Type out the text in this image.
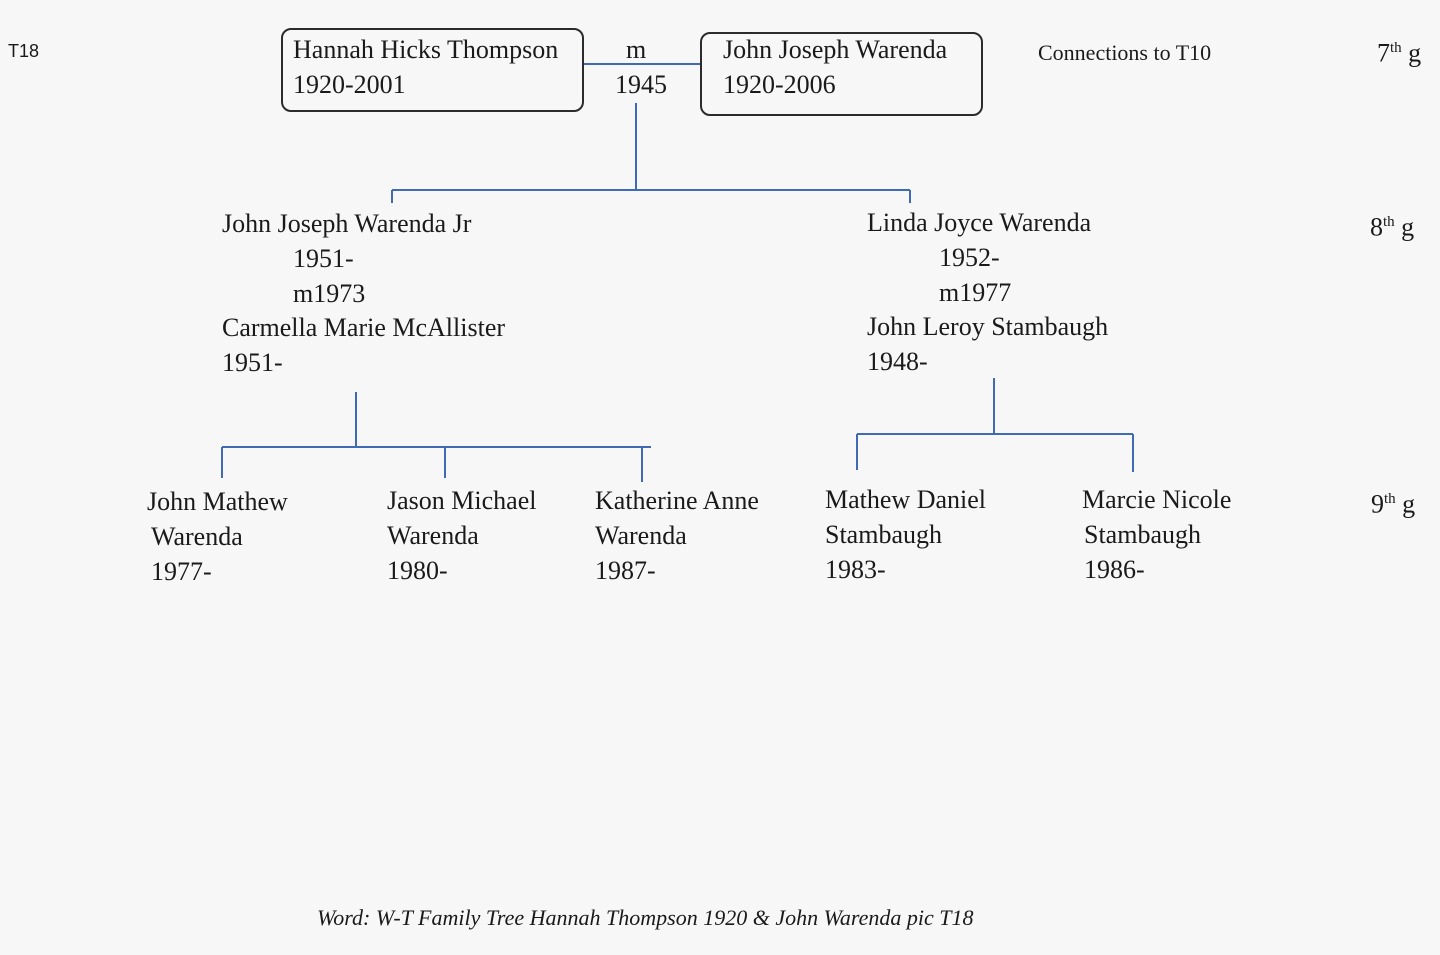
T18	Hannah Hicks Thompson
1920-2001
m
1945
John Joseph Warenda
1920-2006
Connections to T10	7th g
8th g
9th g
John Joseph Warenda Jr
1951-
m1973
Carmella Marie McAllister
1951-
Linda Joyce Warenda
1952-
m1977
John Leroy Stambaugh
1948-
John Mathew
Warenda
1977-
Jason Michael
Warenda
1980-
Katherine Anne
Warenda
1987-
Mathew Daniel
Stambaugh
1983-
Marcie Nicole
Stambaugh
1986-
Word: W-T Family Tree Hannah Thompson 1920 & John Warenda pic T18
